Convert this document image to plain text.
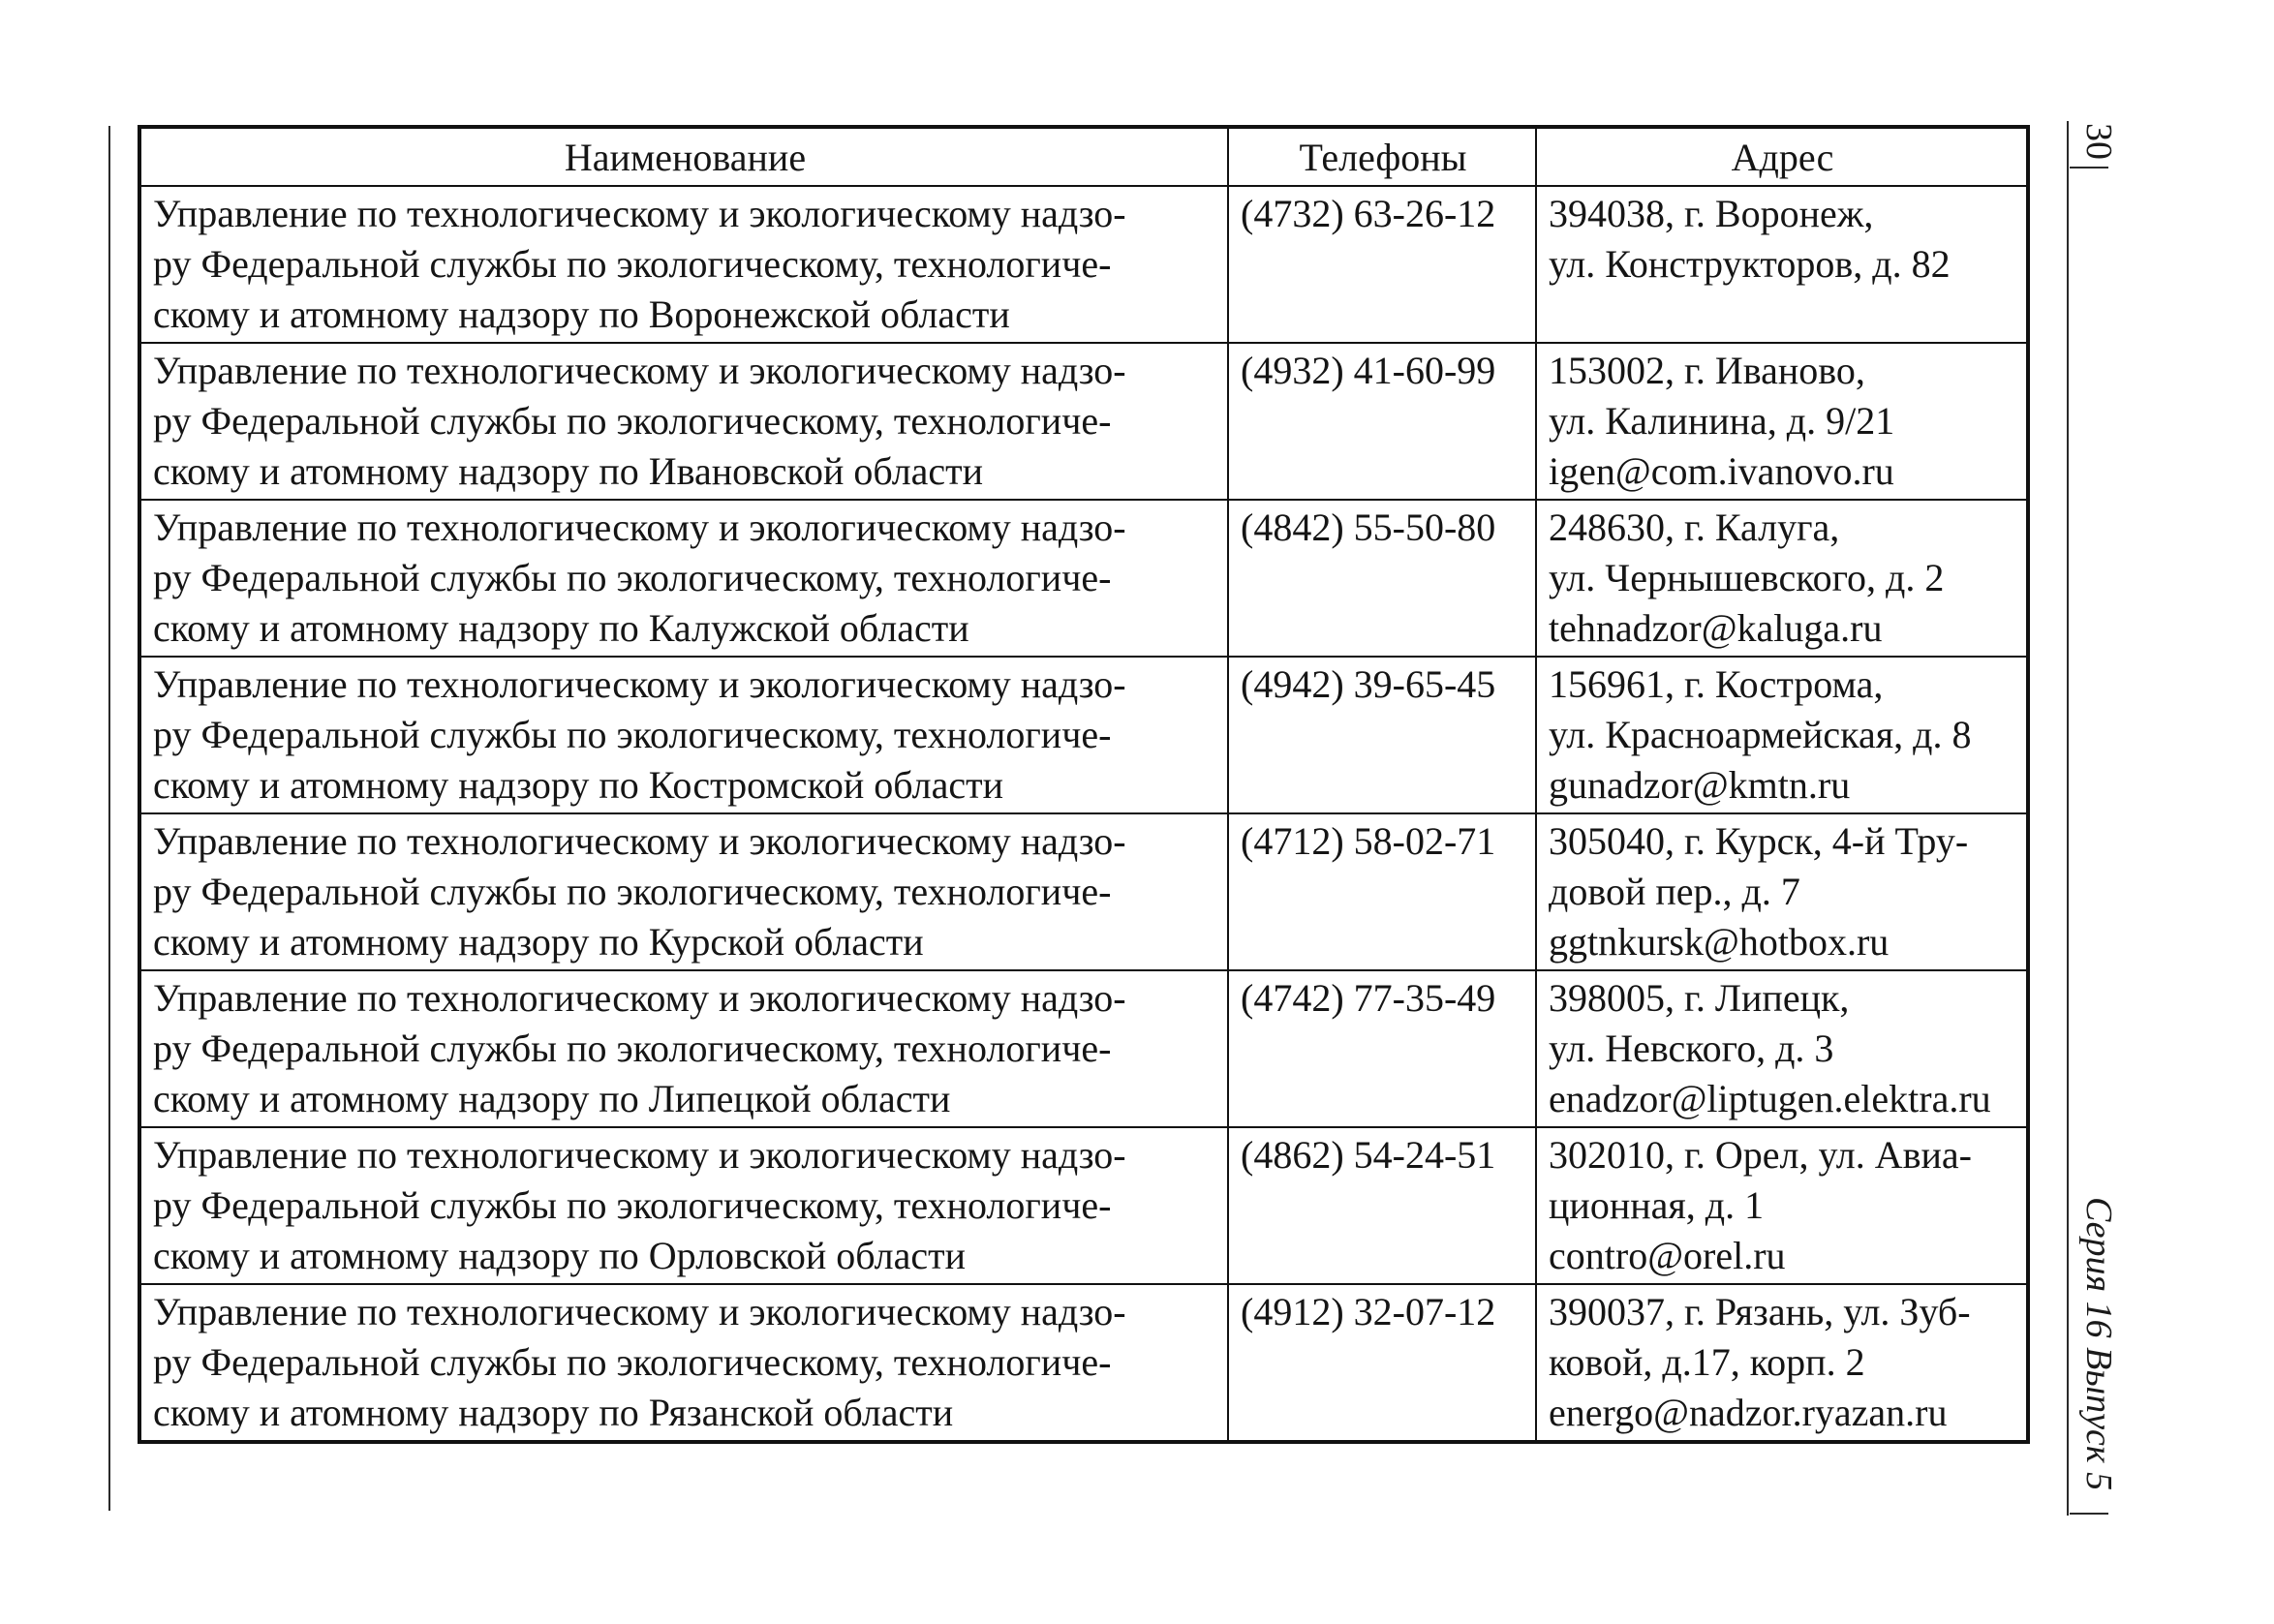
30
Серия 16 Выпуск 5
Наименование	Телефоны	Адрес

Управление по технологическому и экологическому надзо-
ру Федеральной службы по экологическому, технологиче-
скому и атомному надзору по Воронежской области	(4732) 63-26-12	394038, г. Воронеж,
ул. Конструкторов, д. 82

Управление по технологическому и экологическому надзо-
ру Федеральной службы по экологическому, технологиче-
скому и атомному надзору по Ивановской области	(4932) 41-60-99	153002, г. Иваново,
ул. Калинина, д. 9/21
igen@com.ivanovo.ru

Управление по технологическому и экологическому надзо-
ру Федеральной службы по экологическому, технологиче-
скому и атомному надзору по Калужской области	(4842) 55-50-80	248630, г. Калуга,
ул. Чернышевского, д. 2
tehnadzor@kaluga.ru

Управление по технологическому и экологическому надзо-
ру Федеральной службы по экологическому, технологиче-
скому и атомному надзору по Костромской области	(4942) 39-65-45	156961, г. Кострома,
ул. Красноармейская, д. 8
gunadzor@kmtn.ru

Управление по технологическому и экологическому надзо-
ру Федеральной службы по экологическому, технологиче-
скому и атомному надзору по Курской области	(4712) 58-02-71	305040, г. Курск, 4-й Тру-
довой пер., д. 7
ggtnkursk@hotbox.ru

Управление по технологическому и экологическому надзо-
ру Федеральной службы по экологическому, технологиче-
скому и атомному надзору по Липецкой области	(4742) 77-35-49	398005, г. Липецк,
ул. Невского, д. 3
enadzor@liptugen.elektra.ru

Управление по технологическому и экологическому надзо-
ру Федеральной службы по экологическому, технологиче-
скому и атомному надзору по Орловской области	(4862) 54-24-51	302010, г. Орел, ул. Авиа-
ционная, д. 1
contro@orel.ru

Управление по технологическому и экологическому надзо-
ру Федеральной службы по экологическому, технологиче-
скому и атомному надзору по Рязанской области	(4912) 32-07-12	390037, г. Рязань, ул. Зуб-
ковой, д.17, корп. 2
energo@nadzor.ryazan.ru
